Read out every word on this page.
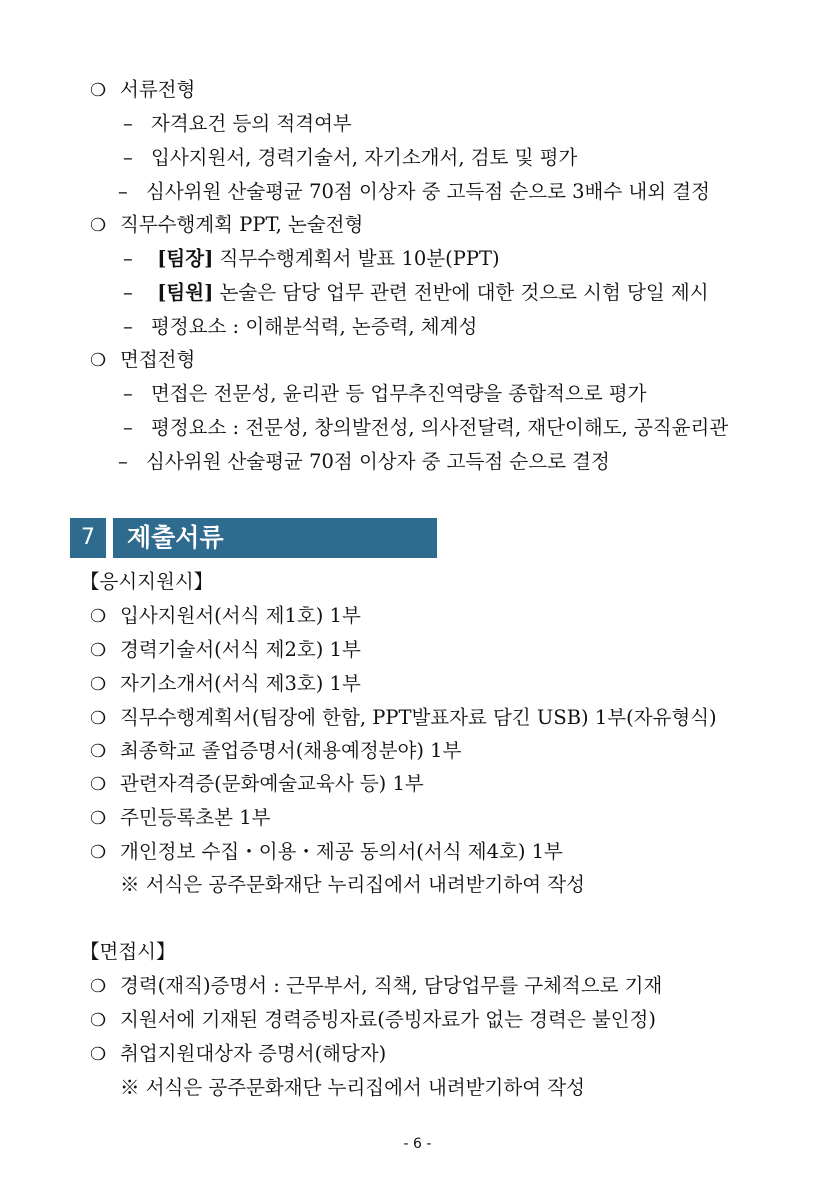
❍ 서류전형
– 자격요건 등의 적격여부
– 입사지원서, 경력기술서, 자기소개서, 검토 및 평가
– 심사위원 산술평균 70점 이상자 중 고득점 순으로 3배수 내외 결정
❍ 직무수행계획 PPT, 논술전형
– [팀장] 직무수행계획서 발표 10분(PPT)
– [팀원] 논술은 담당 업무 관련 전반에 대한 것으로 시험 당일 제시
– 평정요소 : 이해분석력, 논증력, 체계성
❍ 면접전형
– 면접은 전문성, 윤리관 등 업무추진역량을 종합적으로 평가
– 평정요소 : 전문성, 창의발전성, 의사전달력, 재단이해도, 공직윤리관
– 심사위원 산술평균 70점 이상자 중 고득점 순으로 결정
7	제출서류
【응시지원시】
❍ 입사지원서(서식 제1호) 1부
❍ 경력기술서(서식 제2호) 1부
❍ 자기소개서(서식 제3호) 1부
❍ 직무수행계획서(팀장에 한함, PPT발표자료 담긴 USB) 1부(자유형식)
❍ 최종학교 졸업증명서(채용예정분야) 1부
❍ 관련자격증(문화예술교육사 등) 1부
❍ 주민등록초본 1부
❍ 개인정보 수집・이용・제공 동의서(서식 제4호) 1부
※ 서식은 공주문화재단 누리집에서 내려받기하여 작성
【면접시】
❍ 경력(재직)증명서 : 근무부서, 직책, 담당업무를 구체적으로 기재
❍ 지원서에 기재된 경력증빙자료(증빙자료가 없는 경력은 불인정)
❍ 취업지원대상자 증명서(해당자)
※ 서식은 공주문화재단 누리집에서 내려받기하여 작성
- 6 -
